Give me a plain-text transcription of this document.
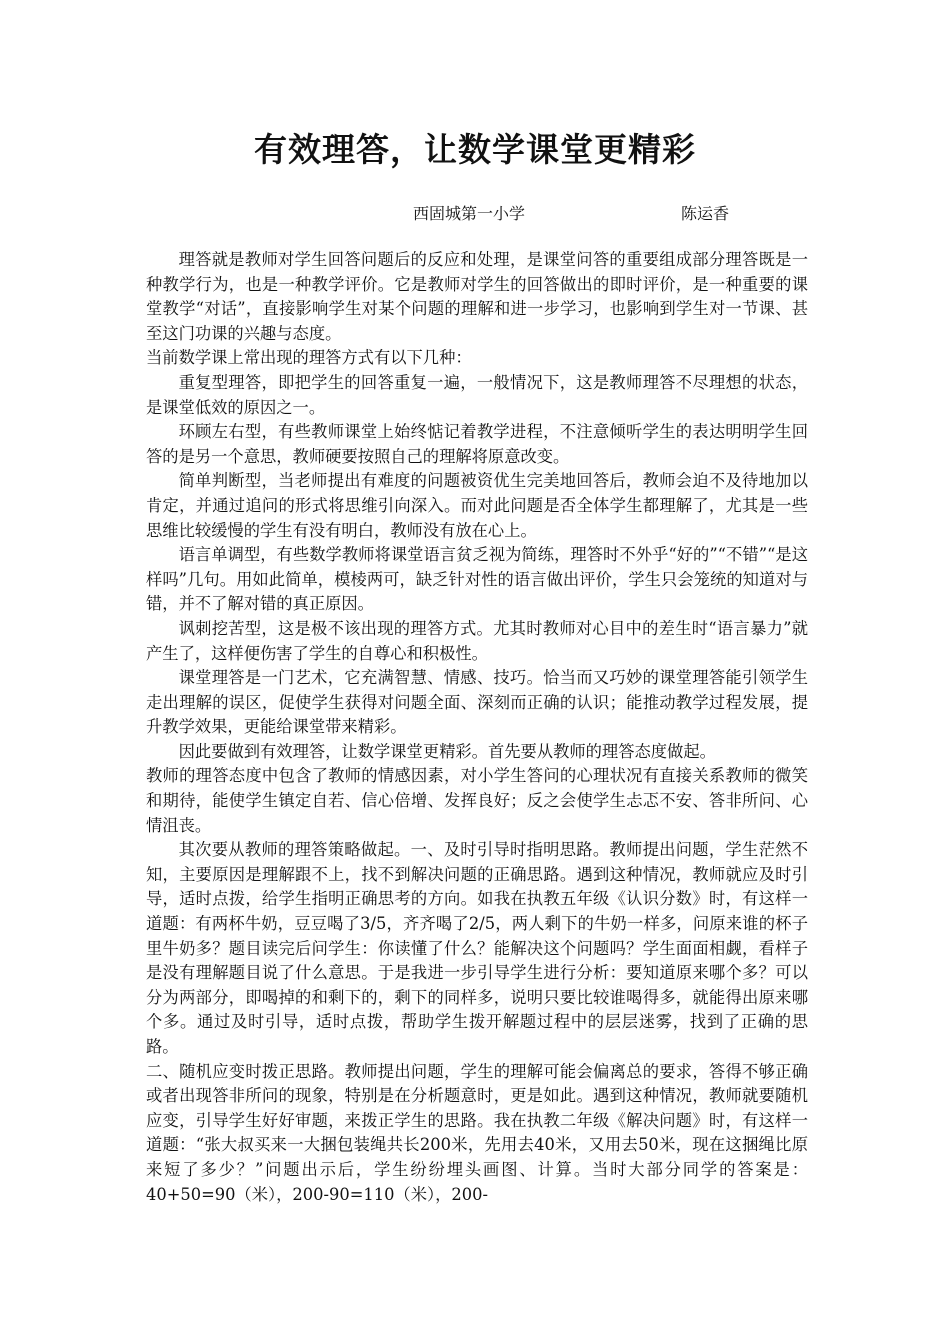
有效理答，让数学课堂更精彩
西固城第一小学	陈运香

理答就是教师对学生回答问题后的反应和处理，是课堂问答的重要组成部分理答既是一种教学行为，也是一种教学评价。它是教师对学生的回答做出的即时评价，是一种重要的课堂教学“对话”，直接影响学生对某个问题的理解和进一步学习，也影响到学生对一节课、甚至这门功课的兴趣与态度。

当前数学课上常出现的理答方式有以下几种：

重复型理答，即把学生的回答重复一遍，一般情况下，这是教师理答不尽理想的状态，是课堂低效的原因之一。

环顾左右型，有些教师课堂上始终惦记着教学进程，不注意倾听学生的表达明明学生回答的是另一个意思，教师硬要按照自己的理解将原意改变。

简单判断型，当老师提出有难度的问题被资优生完美地回答后，教师会迫不及待地加以肯定，并通过追问的形式将思维引向深入。而对此问题是否全体学生都理解了，尤其是一些思维比较缓慢的学生有没有明白，教师没有放在心上。

语言单调型，有些数学教师将课堂语言贫乏视为简练，理答时不外乎“好的”“不错”“是这样吗”几句。用如此简单，模棱两可，缺乏针对性的语言做出评价，学生只会笼统的知道对与错，并不了解对错的真正原因。

讽刺挖苦型，这是极不该出现的理答方式。尤其时教师对心目中的差生时“语言暴力”就产生了，这样便伤害了学生的自尊心和积极性。

课堂理答是一门艺术，它充满智慧、情感、技巧。恰当而又巧妙的课堂理答能引领学生走出理解的误区，促使学生获得对问题全面、深刻而正确的认识；能推动教学过程发展，提升教学效果，更能给课堂带来精彩。

因此要做到有效理答，让数学课堂更精彩。首先要从教师的理答态度做起。

教师的理答态度中包含了教师的情感因素，对小学生答问的心理状况有直接关系教师的微笑和期待，能使学生镇定自若、信心倍增、发挥良好；反之会使学生忐忑不安、答非所问、心情沮丧。

其次要从教师的理答策略做起。一、及时引导时指明思路。教师提出问题，学生茫然不知，主要原因是理解跟不上，找不到解决问题的正确思路。遇到这种情况，教师就应及时引导，适时点拨，给学生指明正确思考的方向。如我在执教五年级《认识分数》时，有这样一道题：有两杯牛奶，豆豆喝了3/5，齐齐喝了2/5，两人剩下的牛奶一样多，问原来谁的杯子里牛奶多？题目读完后问学生：你读懂了什么？能解决这个问题吗？学生面面相觑，看样子是没有理解题目说了什么意思。于是我进一步引导学生进行分析：要知道原来哪个多？可以分为两部分，即喝掉的和剩下的，剩下的同样多，说明只要比较谁喝得多，就能得出原来哪个多。通过及时引导，适时点拨，帮助学生拨开解题过程中的层层迷雾，找到了正确的思路。

二、随机应变时拨正思路。教师提出问题，学生的理解可能会偏离总的要求，答得不够正确或者出现答非所问的现象，特别是在分析题意时，更是如此。遇到这种情况，教师就要随机应变，引导学生好好审题，来拨正学生的思路。我在执教二年级《解决问题》时，有这样一道题：“张大叔买来一大捆包装绳共长200米，先用去40米，又用去50米，现在这捆绳比原来短了多少？”问题出示后，学生纷纷埋头画图、计算。当时大部分同学的答案是：40+50=90（米），200-90=110（米），200-
